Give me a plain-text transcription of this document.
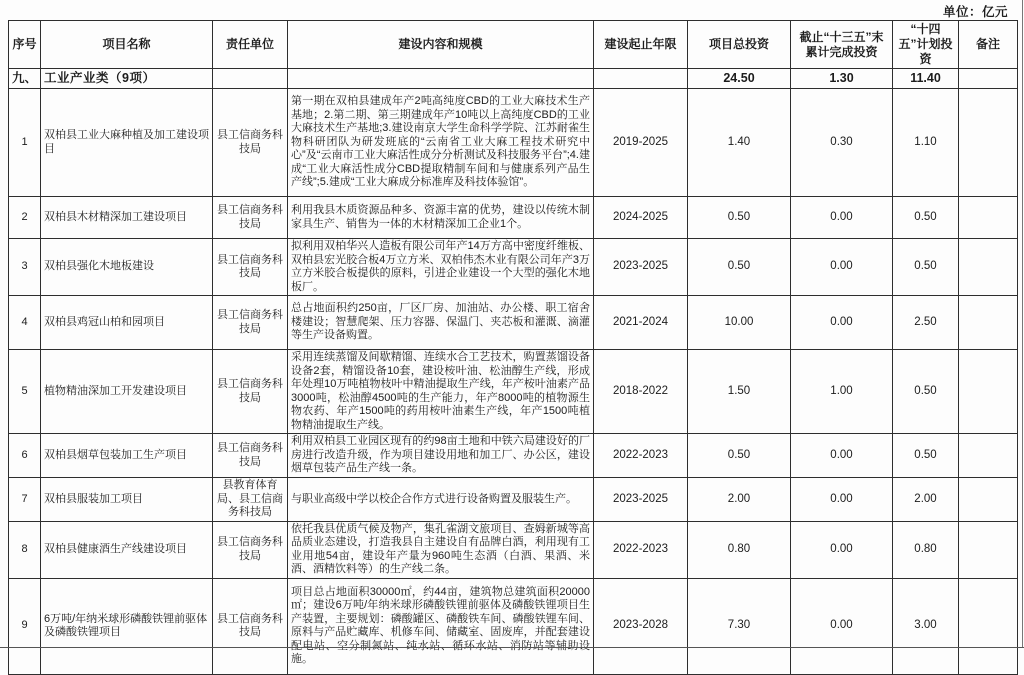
单位：亿元
序号	项目名称	责任单位	建设内容和规模	建设起止年限	项目总投资	截止“十三五”末累计完成投资	“十四五”计划投资	备注
九、	工业产业类（9项）				24.50	1.30	11.40	
1	双柏县工业大麻种植及加工建设项目	县工信商务科技局	第一期在双柏县建成年产2吨高纯度CBD的工业大麻技术生产基地；2.第二期、第三期建成年产10吨以上高纯度CBD的工业大麻技术生产基地;3.建设南京大学生命科学学院、江苏耐雀生物科研团队为研发班底的“云南省工业大麻工程技术研究中心”及“云南市工业大麻活性成分分析测试及科技服务平台”;4.建成“工业大麻活性成分CBD提取精制车间和与健康系列产品生产线”;5.建成“工业大麻成分标准库及科技体验馆”。	2019-2025	1.40	0.30	1.10	
2	双柏县木材精深加工建设项目	县工信商务科技局	利用我县木质资源品种多、资源丰富的优势，建设以传统木制家具生产、销售为一体的木材精深加工企业1个。	2024-2025	0.50	0.00	0.50	
3	双柏县强化木地板建设	县工信商务科技局	拟利用双柏华兴人造板有限公司年产14万方高中密度纤维板、双柏县宏光胶合板4万立方米、双柏伟杰木业有限公司年产3万立方米胶合板提供的原料，引进企业建设一个大型的强化木地板厂。	2023-2025	0.50	0.00	0.50	
4	双柏县鸡冠山柏和园项目	县工信商务科技局	总占地面积约250亩，厂区厂房、加油站、办公楼、职工宿舍楼建设；智慧爬架、压力容器、保温门、夹芯板和灌溉、滴灌等生产设备购置。	2021-2024	10.00	0.00	2.50	
5	植物精油深加工开发建设项目	县工信商务科技局	采用连续蒸馏及间歇精馏、连续水合工艺技术，购置蒸馏设备设备2套，精馏设备10套，建设桉叶油、松油醇生产线，形成年处理10万吨植物枝叶中精油提取生产线，年产桉叶油素产品3000吨，松油醇4500吨的生产能力，年产8000吨的植物源生物农药、年产1500吨的药用桉叶油素生产线，年产1500吨植物精油提取生产线。	2018-2022	1.50	1.00	0.50	
6	双柏县烟草包装加工生产项目	县工信商务科技局	利用双柏县工业园区现有的约98亩土地和中铁六局建设好的厂房进行改造升级，作为项目建设用地和加工厂、办公区，建设烟草包装产品生产线一条。	2022-2023	0.50	0.00	0.50	
7	双柏县服装加工项目	县教育体育局、县工信商务科技局	与职业高级中学以校企合作方式进行设备购置及服装生产。	2023-2025	2.00	0.00	2.00	
8	双柏县健康酒生产线建设项目	县工信商务科技局	依托我县优质气候及物产，集孔雀湖文旅项目、查姆新城等高品质业态建设，打造我县自主建设自有品牌白酒，利用现有工业用地54亩，建设年产量为960吨生态酒（白酒、果酒、米酒、酒精饮料等）的生产线二条。	2022-2023	0.80	0.00	0.80	
9	6万吨/年纳米球形磷酸铁锂前驱体及磷酸铁锂项目	县工信商务科技局	项目总占地面积30000㎡，约44亩，建筑物总建筑面积20000㎡；建设6万吨/年纳米球形磷酸铁锂前驱体及磷酸铁锂项目生产装置，主要规划：磷酸罐区、磷酸铁车间、磷酸铁锂车间、原料与产品贮藏库、机修车间、储藏室、固废库，并配套建设配电站、空分制氮站、纯水站、循环水站、消防站等辅助设施。	2023-2028	7.30	0.00	3.00	
